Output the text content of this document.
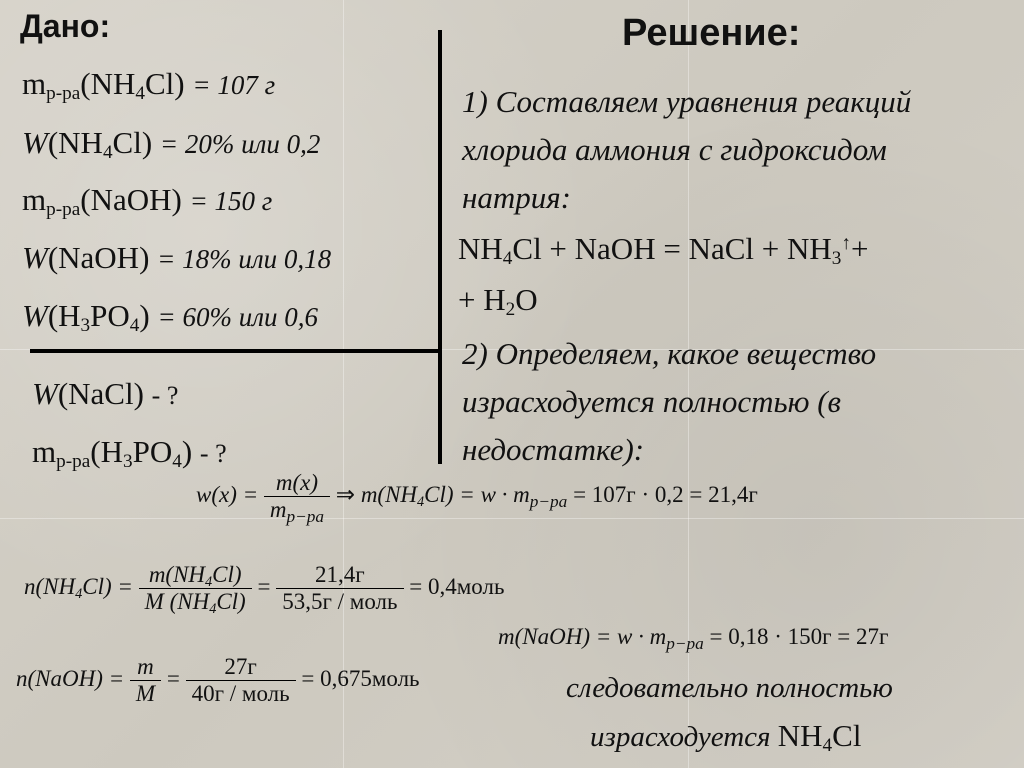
Дано:
mр-ра(NH4Cl) = 107 г
W(NH4Cl) = 20% или 0,2
mр-ра(NaOH) = 150 г
W(NaOH) = 18% или 0,18
W(H3PO4) = 60% или 0,6
W(NaCl) - ?
mр-ра(H3PO4) - ?
Решение:
1) Составляем уравнения реакций
хлорида аммония с гидроксидом
натрия:
NH4Cl + NaOH = NaCl + NH3↑+
+ H2O
2) Определяем, какое вещество
израсходуется полностью (в
недостатке):
$w(x) = \frac{m(x)}{m_{р-ра}}$ ⇒ $m(NH4Cl) = w \cdot m_{р-ра} = 107г \cdot 0,2 = 21,4г$
$n(NH4Cl) = \frac{m(NH4Cl)}{M (NH4Cl)} = \frac{21,4г}{\text{53,5г / моль}}$ = 0,4моль
m(NaOH) = $w \cdot m_{р-ра} = 0,18 \cdot 150г = 27г$
n(NaOH) = $\frac{m}{M} = \frac{27г}{\text{40г / моль}}$ = 0,675моль	следовательно полностью
израсходуется NH4Cl
